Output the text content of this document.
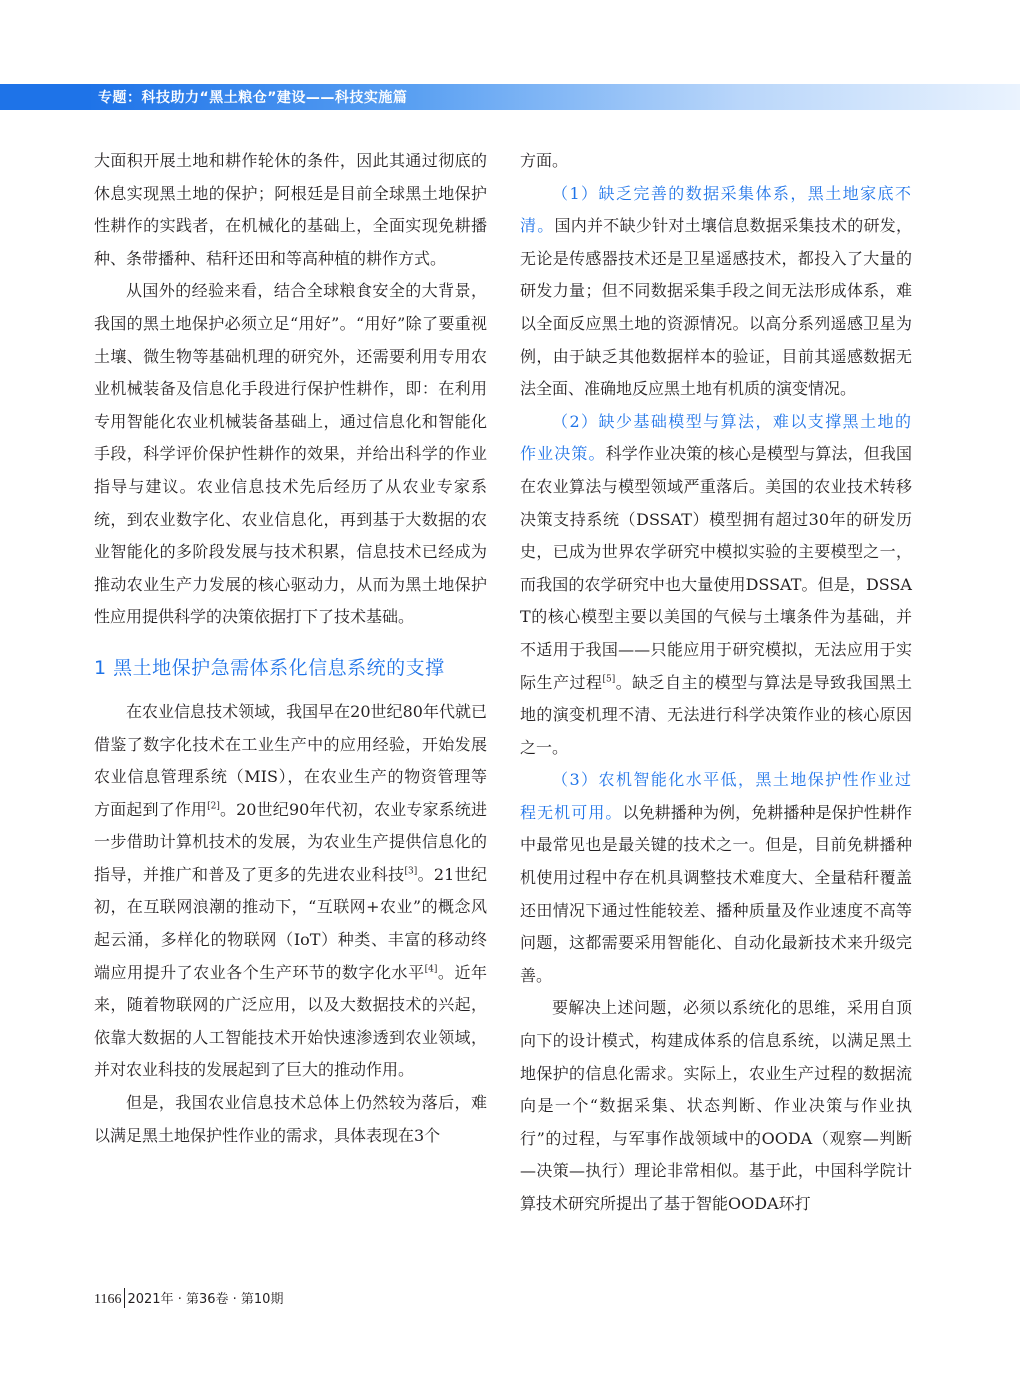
专题：科技助力“黑土粮仓”建设——科技实施篇

大面积开展土地和耕作轮休的条件，因此其通过彻底的休息实现黑土地的保护；阿根廷是目前全球黑土地保护性耕作的实践者，在机械化的基础上，全面实现免耕播种、条带播种、秸秆还田和等高种植的耕作方式。

从国外的经验来看，结合全球粮食安全的大背景，我国的黑土地保护必须立足“用好”。“用好”除了要重视土壤、微生物等基础机理的研究外，还需要利用专用农业机械装备及信息化手段进行保护性耕作，即：在利用专用智能化农业机械装备基础上，通过信息化和智能化手段，科学评价保护性耕作的效果，并给出科学的作业指导与建议。农业信息技术先后经历了从农业专家系统，到农业数字化、农业信息化，再到基于大数据的农业智能化的多阶段发展与技术积累，信息技术已经成为推动农业生产力发展的核心驱动力，从而为黑土地保护性应用提供科学的决策依据打下了技术基础。

1 黑土地保护急需体系化信息系统的支撑

在农业信息技术领域，我国早在20世纪80年代就已借鉴了数字化技术在工业生产中的应用经验，开始发展农业信息管理系统（MIS），在农业生产的物资管理等方面起到了作用[2]。20世纪90年代初，农业专家系统进一步借助计算机技术的发展，为农业生产提供信息化的指导，并推广和普及了更多的先进农业科技[3]。21世纪初，在互联网浪潮的推动下，“互联网+农业”的概念风起云涌，多样化的物联网（IoT）种类、丰富的移动终端应用提升了农业各个生产环节的数字化水平[4]。近年来，随着物联网的广泛应用，以及大数据技术的兴起，依靠大数据的人工智能技术开始快速渗透到农业领域，并对农业科技的发展起到了巨大的推动作用。

但是，我国农业信息技术总体上仍然较为落后，难以满足黑土地保护性作业的需求，具体表现在3个

方面。

（1）缺乏完善的数据采集体系，黑土地家底不清。国内并不缺少针对土壤信息数据采集技术的研发，无论是传感器技术还是卫星遥感技术，都投入了大量的研发力量；但不同数据采集手段之间无法形成体系，难以全面反应黑土地的资源情况。以高分系列遥感卫星为例，由于缺乏其他数据样本的验证，目前其遥感数据无法全面、准确地反应黑土地有机质的演变情况。

（2）缺少基础模型与算法，难以支撑黑土地的作业决策。科学作业决策的核心是模型与算法，但我国在农业算法与模型领域严重落后。美国的农业技术转移决策支持系统（DSSAT）模型拥有超过30年的研发历史，已成为世界农学研究中模拟实验的主要模型之一，而我国的农学研究中也大量使用DSSAT。但是，DSSAT的核心模型主要以美国的气候与土壤条件为基础，并不适用于我国——只能应用于研究模拟，无法应用于实际生产过程[5]。缺乏自主的模型与算法是导致我国黑土地的演变机理不清、无法进行科学决策作业的核心原因之一。

（3）农机智能化水平低，黑土地保护性作业过程无机可用。以免耕播种为例，免耕播种是保护性耕作中最常见也是最关键的技术之一。但是，目前免耕播种机使用过程中存在机具调整技术难度大、全量秸秆覆盖还田情况下通过性能较差、播种质量及作业速度不高等问题，这都需要采用智能化、自动化最新技术来升级完善。

要解决上述问题，必须以系统化的思维，采用自顶向下的设计模式，构建成体系的信息系统，以满足黑土地保护的信息化需求。实际上，农业生产过程的数据流向是一个“数据采集、状态判断、作业决策与作业执行”的过程，与军事作战领域中的OODA（观察—判断—决策—执行）理论非常相似。基于此，中国科学院计算技术研究所提出了基于智能OODA环打

1166 2021年 · 第36卷 · 第10期
